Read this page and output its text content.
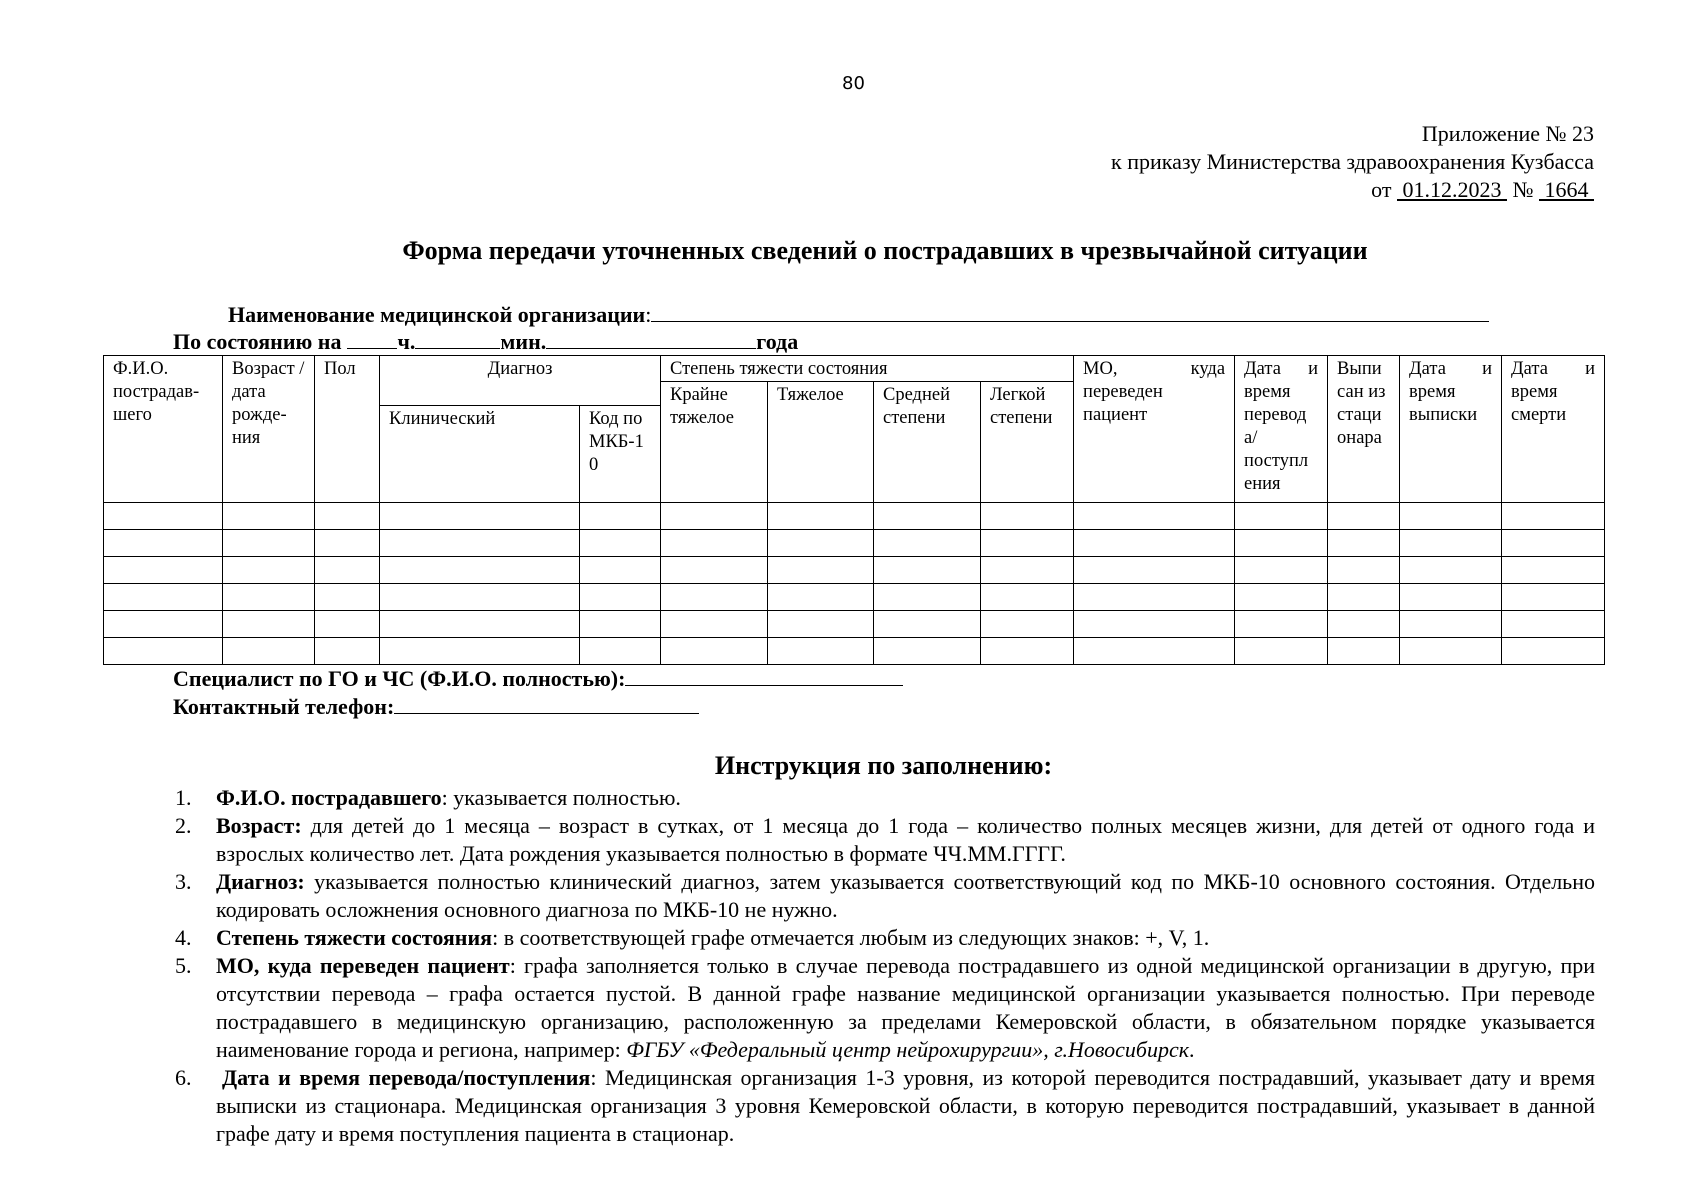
80
Приложение № 23
к приказу Министерства здравоохранения Кузбасса
от 01.12.2023 № 1664
Форма передачи уточненных сведений о пострадавших в чрезвычайной ситуации
Наименование медицинской организации:
По состоянию на	ч.	мин.	года
Ф.И.О. пострадав-шего	Возраст /дата рожде-ния	Пол	Диагноз		Степень тяжести состояния				МО, куда переведен пациент	Дата и время перевод а/ поступл ения	Выпи сан из стаци онара	Дата и время выписки	Дата и время смерти
					Крайне тяжелое	Тяжелое	Средней степени	Легкой степени					
			Клинический	Код по МКБ-10									

Специалист по ГО и ЧС (Ф.И.О. полностью):
Контактный телефон:
Инструкция по заполнению:
1. Ф.И.О. пострадавшего: указывается полностью.
2. Возраст: для детей до 1 месяца – возраст в сутках, от 1 месяца до 1 года – количество полных месяцев жизни, для детей от одного года и взрослых количество лет. Дата рождения указывается полностью в формате ЧЧ.ММ.ГГГГ.
3. Диагноз: указывается полностью клинический диагноз, затем указывается соответствующий код по МКБ-10 основного состояния. Отдельно кодировать осложнения основного диагноза по МКБ-10 не нужно.
4. Степень тяжести состояния: в соответствующей графе отмечается любым из следующих знаков: +, V, 1.
5. МО, куда переведен пациент: графа заполняется только в случае перевода пострадавшего из одной медицинской организации в другую, при отсутствии перевода – графа остается пустой. В данной графе название медицинской организации указывается полностью. При переводе пострадавшего в медицинскую организацию, расположенную за пределами Кемеровской области, в обязательном порядке указывается наименование города и региона, например: ФГБУ «Федеральный центр нейрохирургии», г.Новосибирск.
6. Дата и время перевода/поступления: Медицинская организация 1-3 уровня, из которой переводится пострадавший, указывает дату и время выписки из стационара. Медицинская организация 3 уровня Кемеровской области, в которую переводится пострадавший, указывает в данной графе дату и время поступления пациента в стационар.
